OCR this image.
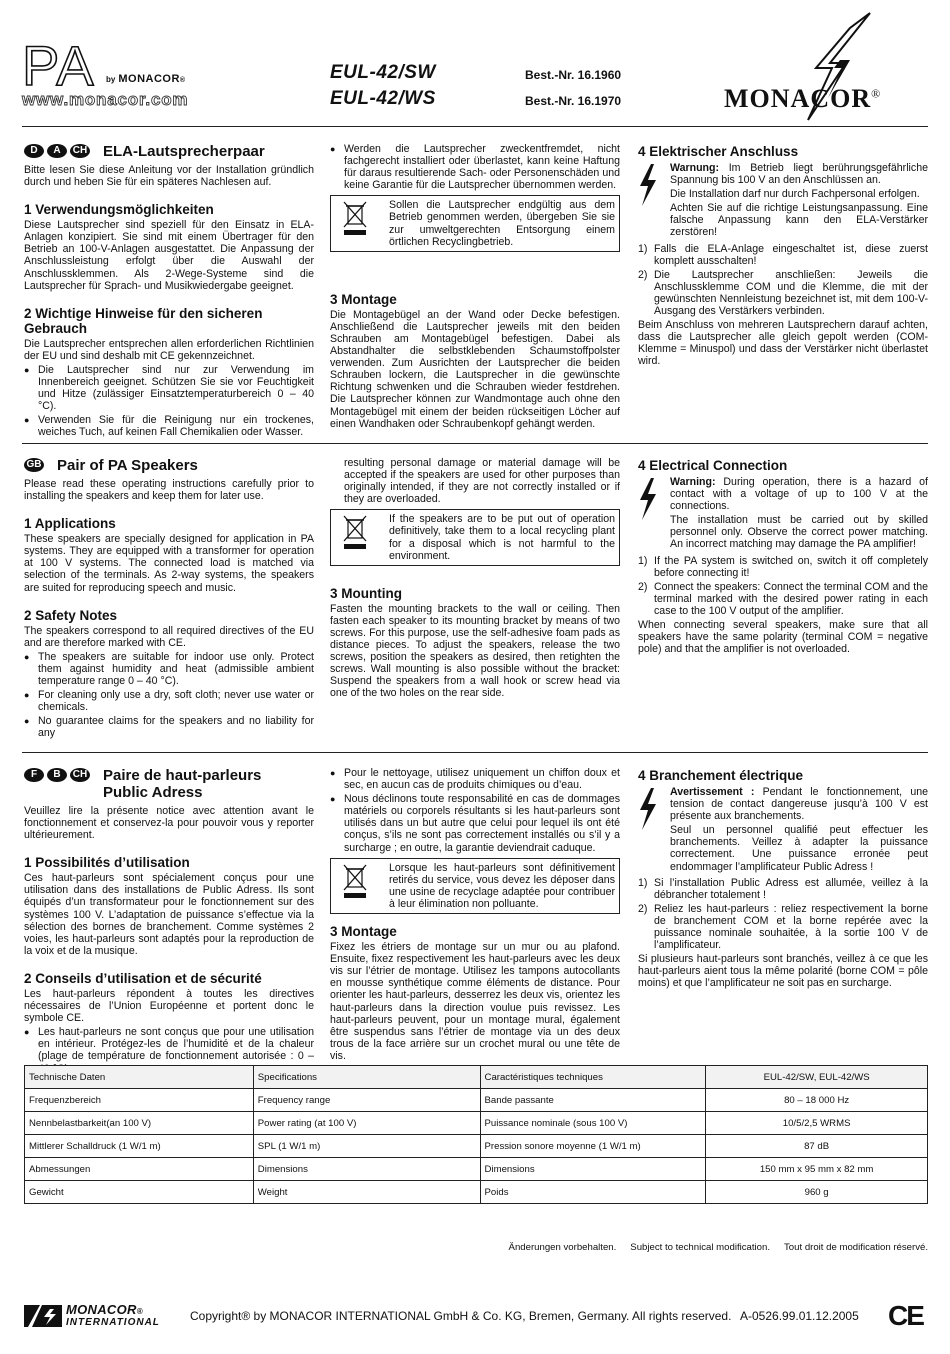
PA by MONACOR®
www.monacor.com
EUL-42/SW	Best.-Nr. 16.1960
EUL-42/WS	Best.-Nr. 16.1970	MONACOR®
D	A	CH ELA-Lautsprecherpaar

Bitte lesen Sie diese Anleitung vor der Installation gründlich durch und heben Sie für ein späteres Nachlesen auf.

1 Verwendungsmöglichkeiten

Diese Lautsprecher sind speziell für den Einsatz in ELA-Anlagen konzipiert. Sie sind mit einem Übertrager für den Betrieb an 100-V-Anlagen ausgestattet. Die Anpassung der Anschlussleistung erfolgt über die Auswahl der Anschlussklemmen. Als 2-Wege-Systeme sind die Lautsprecher für Sprach- und Musikwiedergabe geeignet.

2 Wichtige Hinweise für den sicheren Gebrauch

Die Lautsprecher entsprechen allen erforderlichen Richtlinien der EU und sind deshalb mit CE gekennzeichnet.

● Die Lautsprecher sind nur zur Verwendung im Innenbereich geeignet. Schützen Sie sie vor Feuchtigkeit und Hitze (zulässiger Einsatztemperaturbereich 0 – 40 °C).
● Verwenden Sie für die Reinigung nur ein trockenes, weiches Tuch, auf keinen Fall Chemikalien oder Wasser.
● Werden die Lautsprecher zweckentfremdet, nicht fachgerecht installiert oder überlastet, kann keine Haftung für daraus resultierende Sach- oder Personenschäden und keine Garantie für die Lautsprecher übernommen werden.
Sollen die Lautsprecher endgültig aus dem Betrieb genommen werden, übergeben Sie sie zur umweltgerechten Entsorgung einem örtlichen Recyclingbetrieb.
3 Montage

Die Montagebügel an der Wand oder Decke befestigen. Anschließend die Lautsprecher jeweils mit den beiden Schrauben am Montagebügel befestigen. Dabei als Abstandhalter die selbstklebenden Schaumstoffpolster verwenden. Zum Ausrichten der Lautsprecher die beiden Schrauben lockern, die Lautsprecher in die gewünschte Richtung schwenken und die Schrauben wieder festdrehen. Die Lautsprecher können zur Wandmontage auch ohne den Montagebügel mit einem der beiden rückseitigen Löcher auf einen Wandhaken oder Schraubenkopf gehängt werden.

4 Elektrischer Anschluss

Warnung: Im Betrieb liegt berührungsgefährliche Spannung bis 100 V an den Anschlüssen an.

Die Installation darf nur durch Fachpersonal erfolgen.

Achten Sie auf die richtige Leistungsanpassung. Eine falsche Anpassung kann den ELA-Verstärker zerstören!

1) Falls die ELA-Anlage eingeschaltet ist, diese zuerst komplett ausschalten!
2) Die Lautsprecher anschließen: Jeweils die Anschlussklemme COM und die Klemme, die mit der gewünschten Nennleistung bezeichnet ist, mit dem 100-V-Ausgang des Verstärkers verbinden.

Beim Anschluss von mehreren Lautsprechern darauf achten, dass die Lautsprecher alle gleich gepolt werden (COM-Klemme = Minuspol) und dass der Verstärker nicht überlastet wird.

GB Pair of PA Speakers

Please read these operating instructions carefully prior to installing the speakers and keep them for later use.

1 Applications

These speakers are specially designed for application in PA systems. They are equipped with a transformer for operation at 100 V systems. The connected load is matched via selection of the terminals. As 2-way systems, the speakers are suited for reproducing speech and music.

2 Safety Notes

The speakers correspond to all required directives of the EU and are therefore marked with CE.

● The speakers are suitable for indoor use only. Protect them against humidity and heat (admissible ambient temperature range 0 – 40 °C).
● For cleaning only use a dry, soft cloth; never use water or chemicals.
● No guarantee claims for the speakers and no liability for any

resulting personal damage or material damage will be accepted if the speakers are used for other purposes than originally intended, if they are not correctly installed or if they are overloaded.

If the speakers are to be put out of operation definitively, take them to a local recycling plant for a disposal which is not harmful to the environment.
3 Mounting

Fasten the mounting brackets to the wall or ceiling. Then fasten each speaker to its mounting bracket by means of two screws. For this purpose, use the self-adhesive foam pads as distance pieces. To adjust the speakers, release the two screws, position the speakers as desired, then retighten the screws. Wall mounting is also possible without the bracket: Suspend the speakers from a wall hook or screw head via one of the two holes on the rear side.

4 Electrical Connection

Warning: During operation, there is a hazard of contact with a voltage of up to 100 V at the connections.

The installation must be carried out by skilled personnel only. Observe the correct power matching. An incorrect matching may damage the PA amplifier!

1) If the PA system is switched on, switch it off completely before connecting it!
2) Connect the speakers: Connect the terminal COM and the terminal marked with the desired power rating in each case to the 100 V output of the amplifier.

When connecting several speakers, make sure that all speakers have the same polarity (terminal COM = negative pole) and that the amplifier is not overloaded.

F	B	CH Paire de haut-parleurs Public Adress

Veuillez lire la présente notice avec attention avant le fonctionnement et conservez-la pour pouvoir vous y reporter ultérieurement.

1 Possibilités d’utilisation

Ces haut-parleurs sont spécialement conçus pour une utilisation dans des installations de Public Adress. Ils sont équipés d’un transformateur pour le fonctionnement sur des systèmes 100 V. L’adaptation de puissance s’effectue via la sélection des bornes de branchement. Comme systèmes 2 voies, les haut-parleurs sont adaptés pour la reproduction de la voix et de la musique.

2 Conseils d’utilisation et de sécurité

Les haut-parleurs répondent à toutes les directives nécessaires de l’Union Européenne et portent donc le symbole CE.

● Les haut-parleurs ne sont conçus que pour une utilisation en intérieur. Protégez-les de l’humidité et de la chaleur (plage de température de fonctionnement autorisée : 0 –
● Pour le nettoyage, utilisez uniquement un chiffon doux et sec, en aucun cas de produits chimiques ou d’eau.
● Nous déclinons toute responsabilité en cas de dommages matériels ou corporels résultants si les haut-parleurs sont utilisés dans un but autre que celui pour lequel ils ont été conçus, s’ils ne sont pas correctement installés ou s’il y a surcharge ; en outre, la garantie deviendrait caduque.
Lorsque les haut-parleurs sont définitivement retirés du service, vous devez les déposer dans une usine de recyclage adaptée pour contribuer à leur élimination non polluante.
3 Montage

Fixez les étriers de montage sur un mur ou au plafond. Ensuite, fixez respectivement les haut-parleurs avec les deux vis sur l’étrier de montage. Utilisez les tampons autocollants en mousse synthétique comme éléments de distance. Pour orienter les haut-parleurs, desserrez les deux vis, orientez les haut-parleurs dans la direction voulue puis revissez. Les haut-parleurs peuvent, pour un montage mural, également être suspendus sans l’étrier de montage via un des deux trous de la face arrière sur un crochet mural ou une tête de vis.

4 Branchement électrique

Avertissement : Pendant le fonctionnement, une tension de contact dangereuse jusqu’à 100 V est présente aux branchements.

Seul un personnel qualifié peut effectuer les branchements. Veillez à adapter la puissance correctement. Une puissance erronée peut endommager l’amplificateur Public Adress !

1) Si l’installation Public Adress est allumée, veillez à la débrancher totalement !
2) Reliez les haut-parleurs : reliez respectivement la borne de branchement COM et la borne repérée avec la puissance nominale souhaitée, à la sortie 100 V de l’amplificateur.

Si plusieurs haut-parleurs sont branchés, veillez à ce que les haut-parleurs aient tous la même polarité (borne COM = pôle moins) et que l’amplificateur ne soit pas en surcharge.

Technische Daten	Specifications	Caractéristiques techniques	EUL-42/SW, EUL-42/WS
Frequenzbereich	Frequency range	Bande passante	80 – 18 000 Hz
Nennbelastbarkeit(an 100 V)	Power rating (at 100 V)	Puissance nominale (sous 100 V)	10/5/2,5 WRMS
Mittlerer Schalldruck (1 W/1 m)	SPL (1 W/1 m)	Pression sonore moyenne (1 W/1 m)	87 dB
Abmessungen	Dimensions	Dimensions	150 mm x 95 mm x 82 mm
Gewicht	Weight	Poids	960 g
Änderungen vorbehalten. Subject to technical modification. Tout droit de modification réservé.
MONACOR®
INTERNATIONAL	Copyright® by MONACOR INTERNATIONAL GmbH & Co. KG, Bremen, Germany. All rights reserved. A-0526.99.01.12.2005 CE
